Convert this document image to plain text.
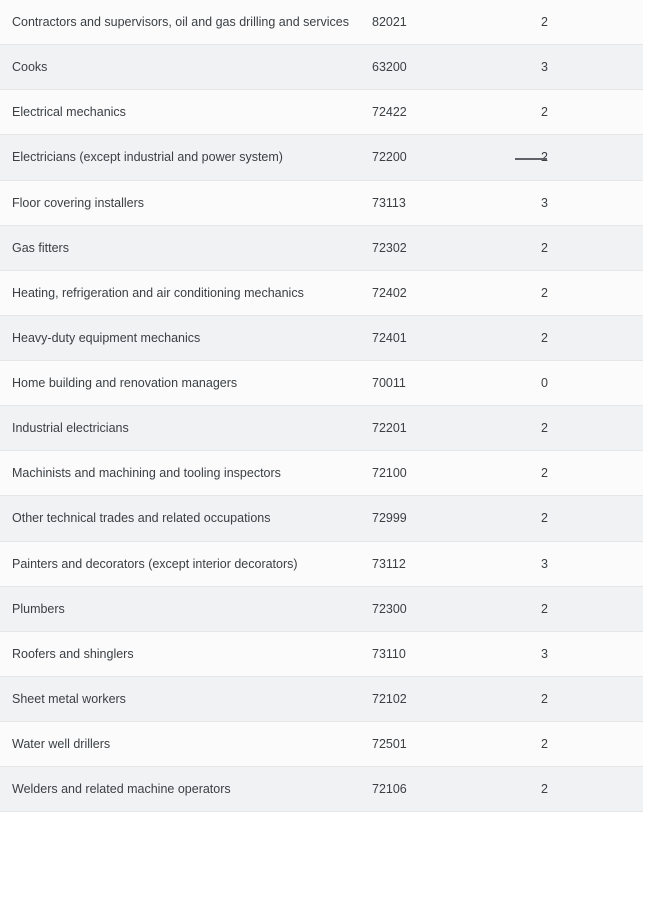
Contractors and supervisors, oil and gas drilling and services	82021	2

Cooks	63200	3

Electrical mechanics	72422	2

Electricians (except industrial and power system)	72200	2

Floor covering installers	73113	3

Gas fitters	72302	2

Heating, refrigeration and air conditioning mechanics	72402	2

Heavy-duty equipment mechanics	72401	2

Home building and renovation managers	70011	0

Industrial electricians	72201	2

Machinists and machining and tooling inspectors	72100	2

Other technical trades and related occupations	72999	2

Painters and decorators (except interior decorators)	73112	3

Plumbers	72300	2

Roofers and shinglers	73110	3

Sheet metal workers	72102	2

Water well drillers	72501	2

Welders and related machine operators	72106	2
